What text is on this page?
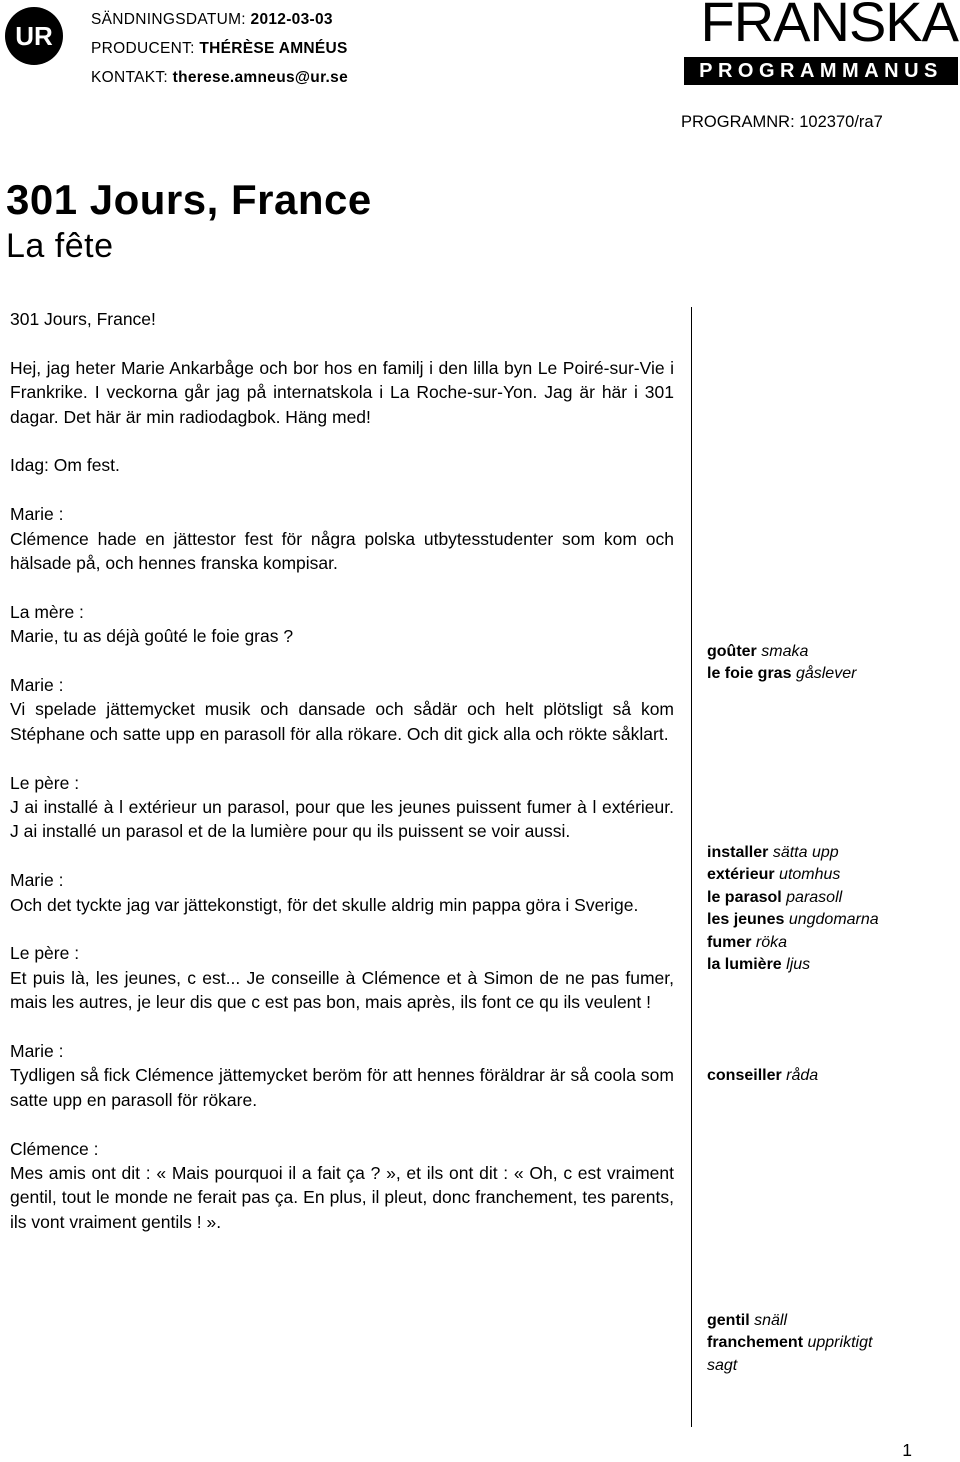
UR
SÄNDNINGSDATUM: 2012-03-03
PRODUCENT: THÉRÈSE AMNÉUS
KONTAKT: therese.amneus@ur.se
FRANSKA
PROGRAMMANUS
PROGRAMNR: 102370/ra7
301 Jours, France
La fête

301 Jours, France!

Hej, jag heter Marie Ankarbåge och bor hos en familj i den lilla byn Le Poiré-sur-Vie i Frankrike. I veckorna går jag på internatskola i La Roche-sur-Yon. Jag är här i 301 dagar. Det här är min radiodagbok. Häng med!

Idag: Om fest.

Marie :
Clémence hade en jättestor fest för några polska utbytesstudenter som kom och hälsade på, och hennes franska kompisar.

La mère :
Marie, tu as déjà goûté le foie gras ?

Marie :
Vi spelade jättemycket musik och dansade och sådär och helt plötsligt så kom Stéphane och satte upp en parasoll för alla rökare. Och dit gick alla och rökte såklart.

Le père :
J ai installé à l extérieur un parasol, pour que les jeunes puissent fumer à l extérieur. J ai installé un parasol et de la lumière pour qu ils puissent se voir aussi.

Marie :
Och det tyckte jag var jättekonstigt, för det skulle aldrig min pappa göra i Sverige.

Le père :
Et puis là, les jeunes, c est... Je conseille à Clémence et à Simon de ne pas fumer, mais les autres, je leur dis que c est pas bon, mais après, ils font ce qu ils veulent !

Marie :
Tydligen så fick Clémence jättemycket beröm för att hennes föräldrar är så coola som satte upp en parasoll för rökare.

Clémence :
Mes amis ont dit : « Mais pourquoi il a fait ça ? », et ils ont dit : « Oh, c est vraiment gentil, tout le monde ne ferait pas ça. En plus, il pleut, donc franchement, tes parents, ils vont vraiment gentils ! ».

goûter smaka
le foie gras gåslever
installer sätta upp
extérieur utomhus
le parasol parasoll
les jeunes ungdomarna
fumer röka
la lumière ljus
conseiller råda
gentil snäll
franchement uppriktigt
sagt
1
